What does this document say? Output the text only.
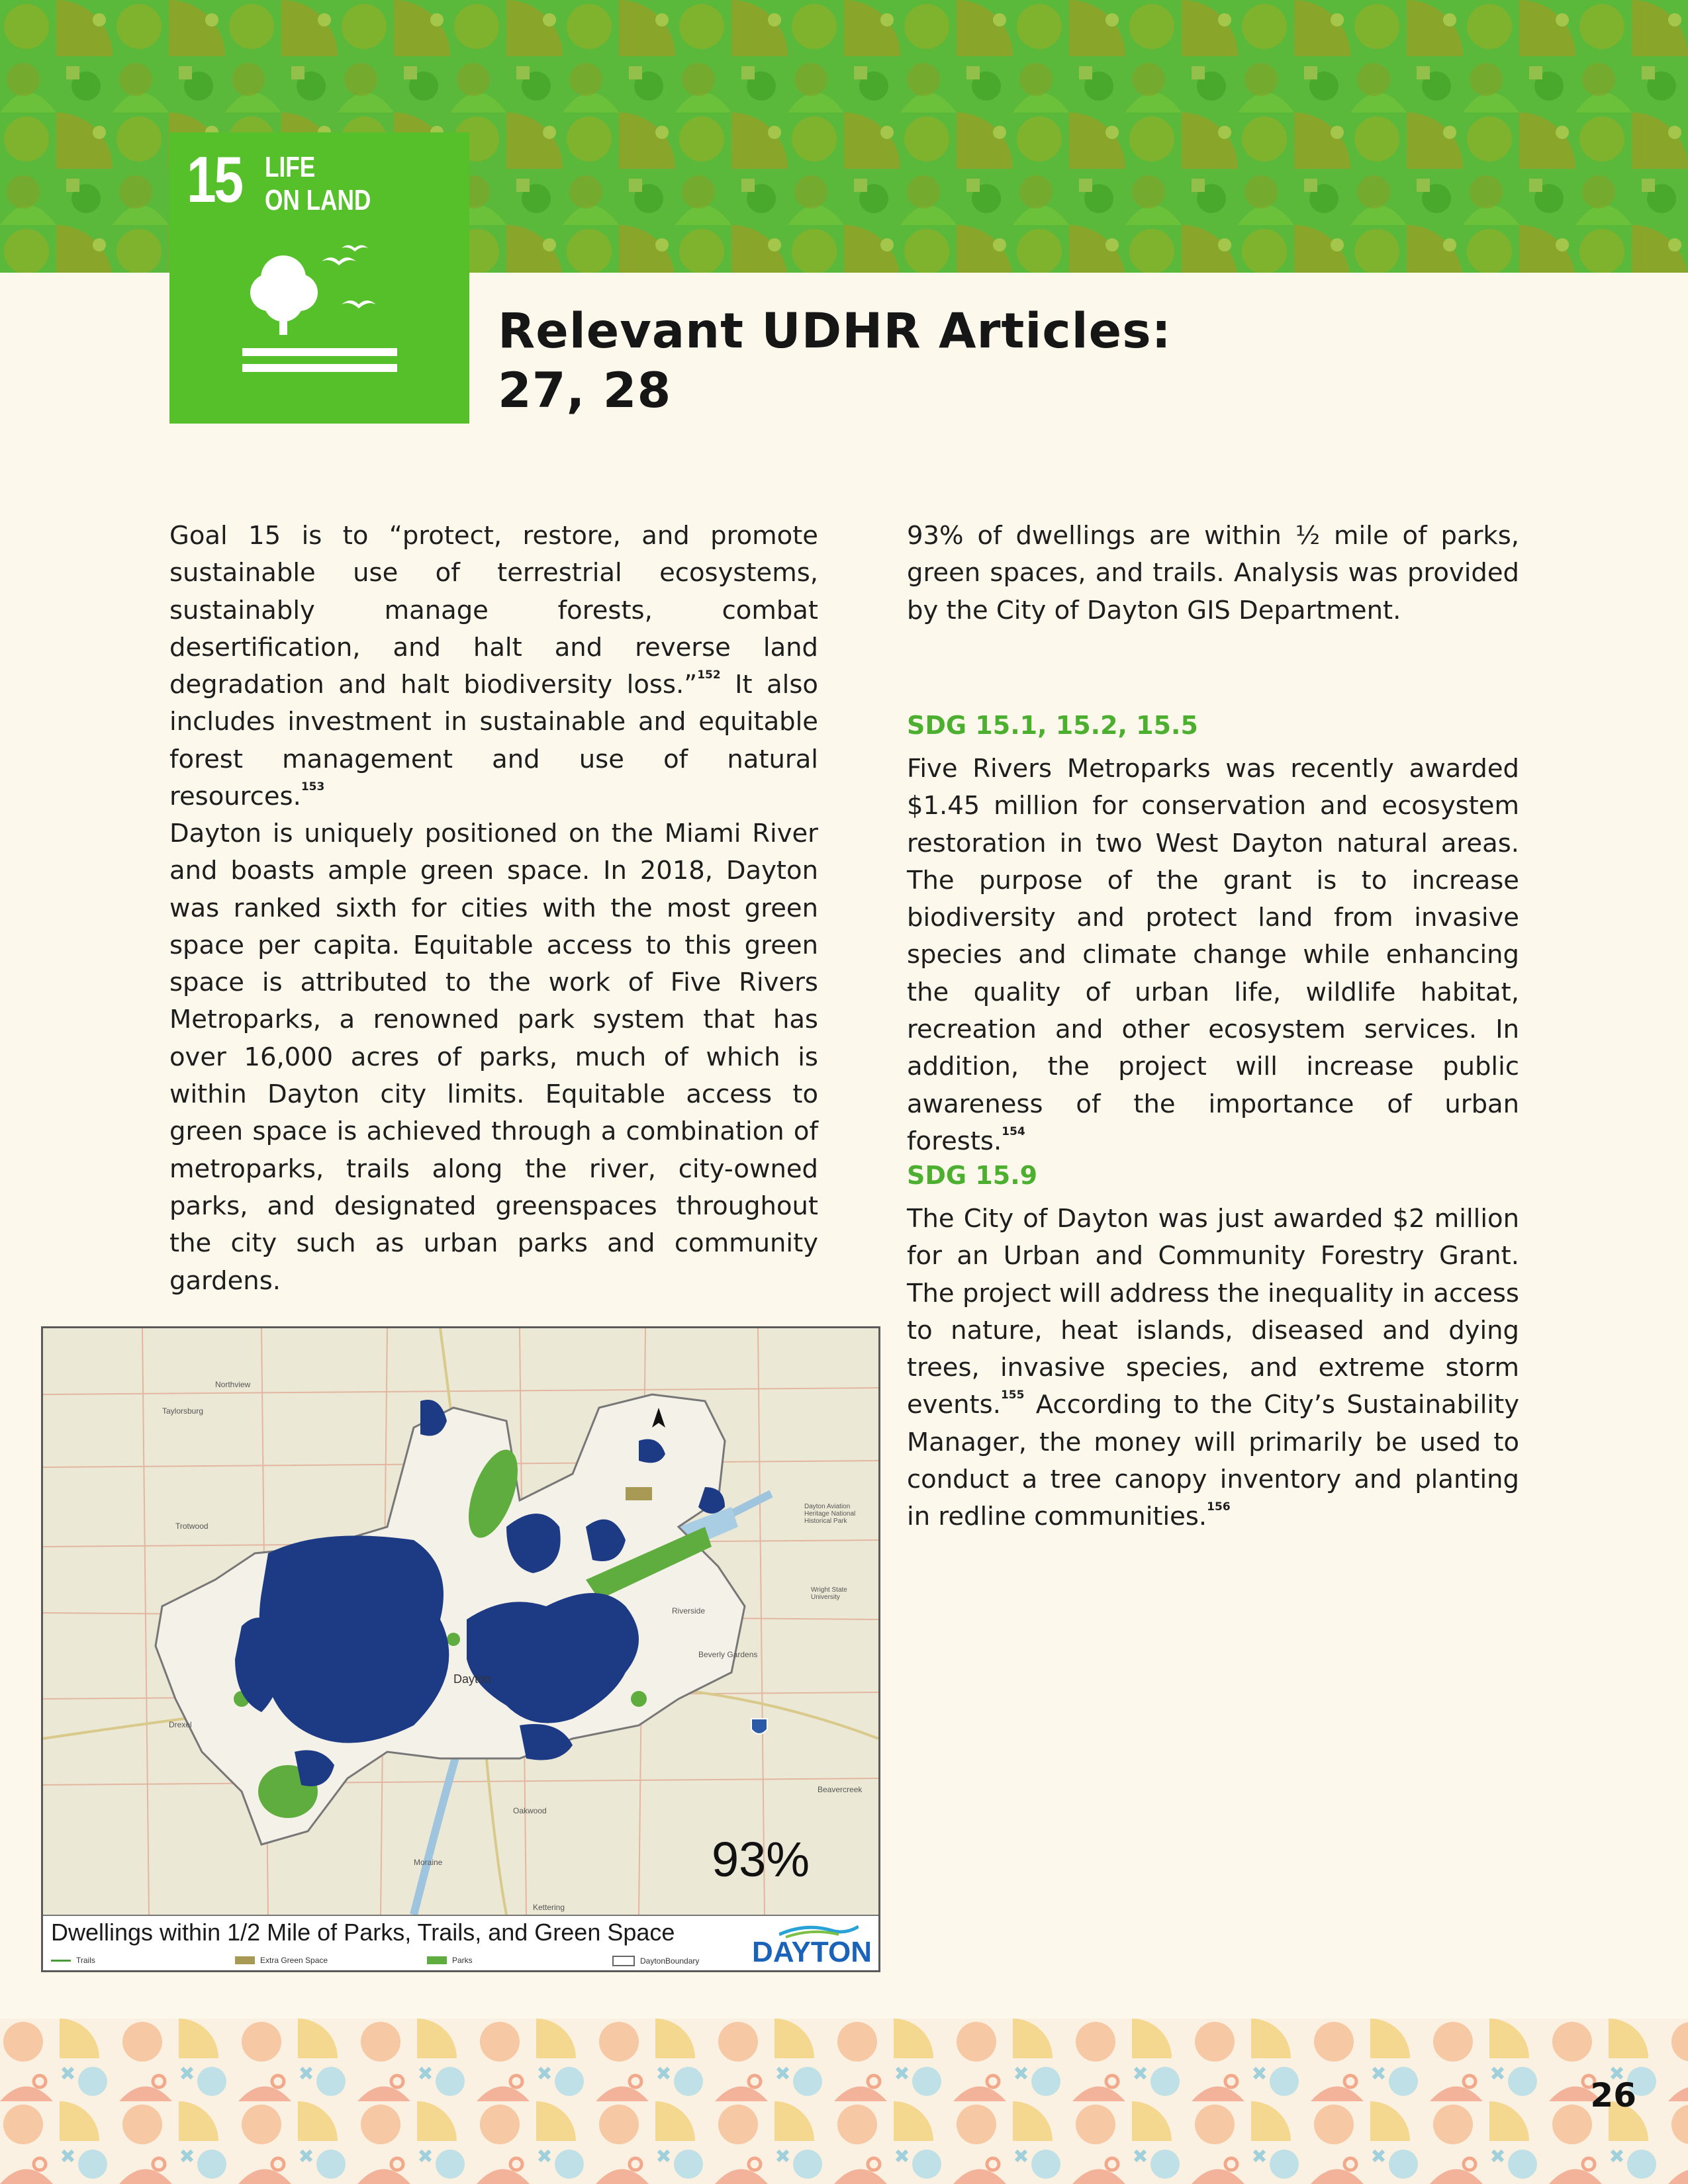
15 LIFE
ON LAND
Relevant UDHR Articles:
27, 28

Goal 15 is to “protect, restore, and promote sustainable use of terrestrial ecosystems, sustainably manage forests, combat desertification, and halt and reverse land degradation and halt biodiversity loss.”$^{152}$ It also includes investment in sustainable and equitable forest management and use of natural resources.$^{153}$

Dayton is uniquely positioned on the Miami River and boasts ample green space. In 2018, Dayton was ranked sixth for cities with the most green space per capita. Equitable access to this green space is attributed to the work of Five Rivers Metroparks, a renowned park system that has over 16,000 acres of parks, much of which is within Dayton city limits. Equitable access to green space is achieved through a combination of metroparks, trails along the river, city-owned parks, and designated greenspaces throughout the city such as urban parks and community gardens.

93% of dwellings are within ½ mile of parks, green spaces, and trails. Analysis was provided by the City of Dayton GIS Department.

SDG 15.1, 15.2, 15.5

Five Rivers Metroparks was recently awarded $1.45 million for conservation and ecosystem restoration in two West Dayton natural areas. The purpose of the grant is to increase biodiversity and protect land from invasive species and climate change while enhancing the quality of urban life, wildlife habitat, recreation and other ecosystem services. In addition, the project will increase public awareness of the importance of urban forests.$^{154}$

SDG 15.9

The City of Dayton was just awarded $2 million for an Urban and Community Forestry Grant. The project will address the inequality in access to nature, heat islands, diseased and dying trees, invasive species, and extreme storm events.$^{155}$ According to the City’s Sustainability Manager, the money will primarily be used to conduct a tree canopy inventory and planting in redline communities.$^{156}$

Northview
Taylorsburg
Trotwood
Drexel
Riverside
Beverly Gardens
Oakwood
Beavercreek
Dayton
Kettering
Moraine
Dayton Aviation Heritage National Historical Park
Wright State University
93%
Dwellings within 1/2 Mile of Parks, Trails, and Green Space
Trails	Extra Green Space	Parks	DaytonBoundary DAYTON
26
